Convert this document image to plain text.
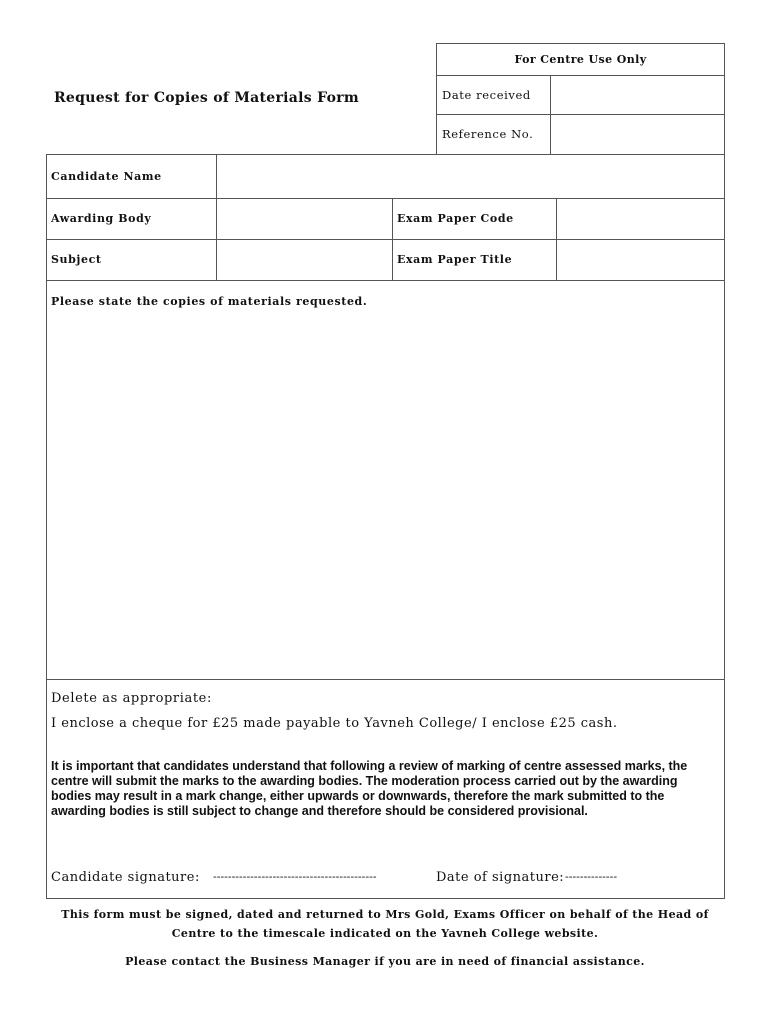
Request for Copies of Materials Form
For Centre Use Only
Date received
Reference No.
Candidate Name
Awarding Body	Exam Paper Code
Subject	Exam Paper Title
Please state the copies of materials requested.
Delete as appropriate:
I enclose a cheque for £25 made payable to Yavneh College/ I enclose £25 cash.
It is important that candidates understand that following a review of marking of centre assessed marks, the centre will submit the marks to the awarding bodies. The moderation process carried out by the awarding bodies may result in a mark change, either upwards or downwards, therefore the mark submitted to the awarding bodies is still subject to change and therefore should be considered provisional.
Candidate signature: --------------------------------------------	Date of signature: --------------
This form must be signed, dated and returned to Mrs Gold, Exams Officer on behalf of the Head of
Centre to the timescale indicated on the Yavneh College website.
Please contact the Business Manager if you are in need of financial assistance.
